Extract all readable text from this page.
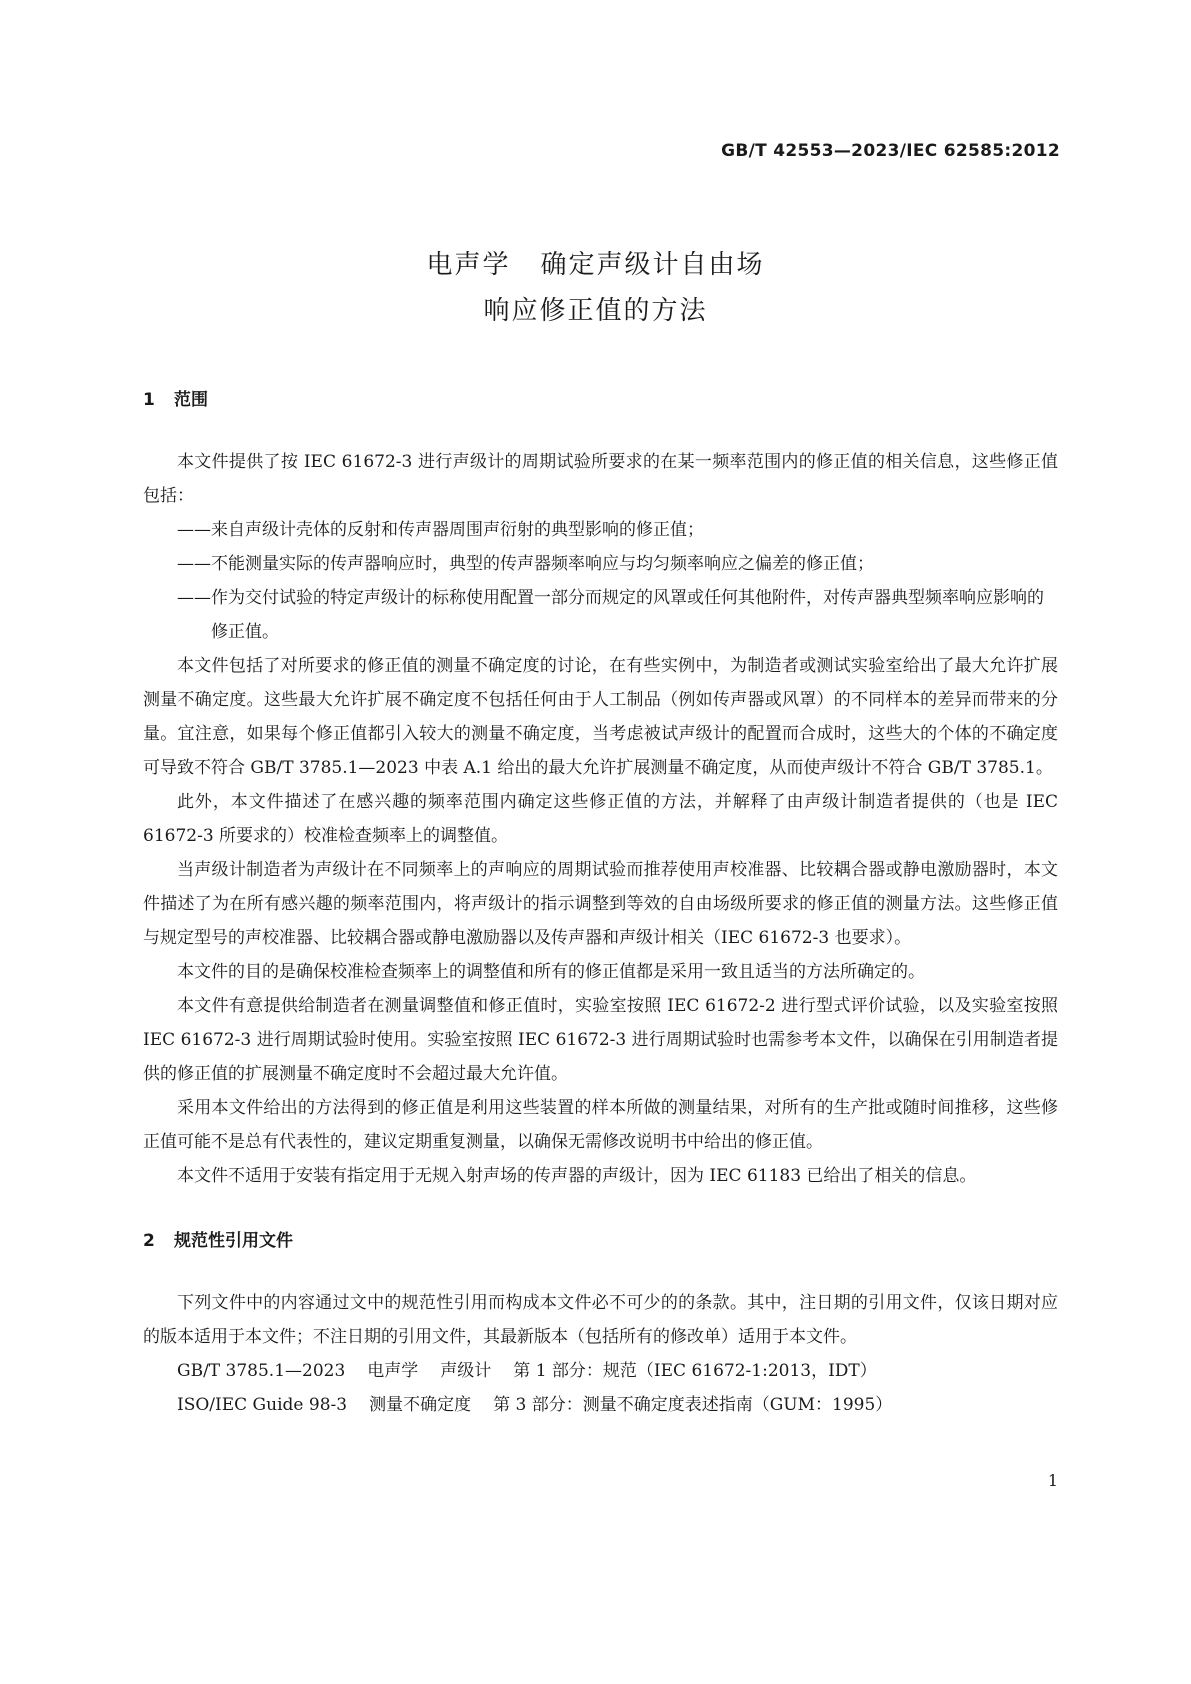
GB/T 42553—2023/IEC 62585:2012
电声学 确定声级计自由场
响应修正值的方法
1 范围

本文件提供了按 IEC 61672-3 进行声级计的周期试验所要求的在某一频率范围内的修正值的相关信息，这些修正值包括：

——来自声级计壳体的反射和传声器周围声衍射的典型影响的修正值；

——不能测量实际的传声器响应时，典型的传声器频率响应与均匀频率响应之偏差的修正值；

——作为交付试验的特定声级计的标称使用配置一部分而规定的风罩或任何其他附件，对传声器典型频率响应影响的修正值。

本文件包括了对所要求的修正值的测量不确定度的讨论，在有些实例中，为制造者或测试实验室给出了最大允许扩展测量不确定度。这些最大允许扩展不确定度不包括任何由于人工制品（例如传声器或风罩）的不同样本的差异而带来的分量。宜注意，如果每个修正值都引入较大的测量不确定度，当考虑被试声级计的配置而合成时，这些大的个体的不确定度可导致不符合 GB/T 3785.1—2023 中表 A.1 给出的最大允许扩展测量不确定度，从而使声级计不符合 GB/T 3785.1。

此外，本文件描述了在感兴趣的频率范围内确定这些修正值的方法，并解释了由声级计制造者提供的（也是 IEC 61672-3 所要求的）校准检查频率上的调整值。

当声级计制造者为声级计在不同频率上的声响应的周期试验而推荐使用声校准器、比较耦合器或静电激励器时，本文件描述了为在所有感兴趣的频率范围内，将声级计的指示调整到等效的自由场级所要求的修正值的测量方法。这些修正值与规定型号的声校准器、比较耦合器或静电激励器以及传声器和声级计相关（IEC 61672-3 也要求）。

本文件的目的是确保校准检查频率上的调整值和所有的修正值都是采用一致且适当的方法所确定的。

本文件有意提供给制造者在测量调整值和修正值时，实验室按照 IEC 61672-2 进行型式评价试验，以及实验室按照 IEC 61672-3 进行周期试验时使用。实验室按照 IEC 61672-3 进行周期试验时也需参考本文件，以确保在引用制造者提供的修正值的扩展测量不确定度时不会超过最大允许值。

采用本文件给出的方法得到的修正值是利用这些装置的样本所做的测量结果，对所有的生产批或随时间推移，这些修正值可能不是总有代表性的，建议定期重复测量，以确保无需修改说明书中给出的修正值。

本文件不适用于安装有指定用于无规入射声场的传声器的声级计，因为 IEC 61183 已给出了相关的信息。

2 规范性引用文件

下列文件中的内容通过文中的规范性引用而构成本文件必不可少的的条款。其中，注日期的引用文件，仅该日期对应的版本适用于本文件；不注日期的引用文件，其最新版本（包括所有的修改单）适用于本文件。

GB/T 3785.1—2023 电声学 声级计 第 1 部分：规范（IEC 61672-1:2013，IDT）

ISO/IEC Guide 98-3 测量不确定度 第 3 部分：测量不确定度表述指南（GUM：1995）

1
